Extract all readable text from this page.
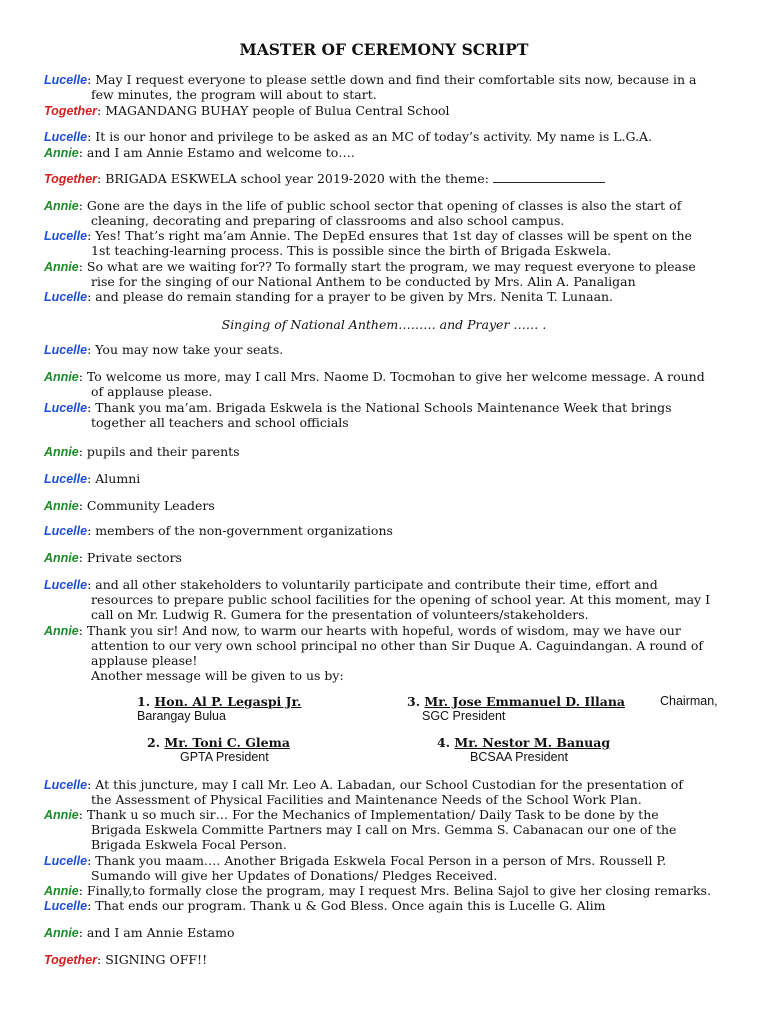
MASTER OF CEREMONY SCRIPT
Lucelle: May I request everyone to please settle down and find their comfortable sits now, because in a
few minutes, the program will about to start.
Together: MAGANDANG BUHAY people of Bulua Central School
Lucelle: It is our honor and privilege to be asked as an MC of today’s activity. My name is L.G.A.
Annie: and I am Annie Estamo and welcome to….
Together: BRIGADA ESKWELA school year 2019-2020 with the theme:
Annie: Gone are the days in the life of public school sector that opening of classes is also the start of
cleaning, decorating and preparing of classrooms and also school campus.
Lucelle: Yes! That’s right ma’am Annie. The DepEd ensures that 1st day of classes will be spent on the
1st teaching-learning process. This is possible since the birth of Brigada Eskwela.
Annie: So what are we waiting for?? To formally start the program, we may request everyone to please
rise for the singing of our National Anthem to be conducted by Mrs. Alin A. Panaligan
Lucelle: and please do remain standing for a prayer to be given by Mrs. Nenita T. Lunaan.
Singing of National Anthem……… and Prayer …… .
Lucelle: You may now take your seats.
Annie: To welcome us more, may I call Mrs. Naome D. Tocmohan to give her welcome message. A round
of applause please.
Lucelle: Thank you ma’am. Brigada Eskwela is the National Schools Maintenance Week that brings
together all teachers and school officials
Annie: pupils and their parents
Lucelle: Alumni
Annie: Community Leaders
Lucelle: members of the non-government organizations
Annie: Private sectors
Lucelle: and all other stakeholders to voluntarily participate and contribute their time, effort and
resources to prepare public school facilities for the opening of school year. At this moment, may I
call on Mr. Ludwig R. Gumera for the presentation of volunteers/stakeholders.
Annie: Thank you sir! And now, to warm our hearts with hopeful, words of wisdom, may we have our
attention to our very own school principal no other than Sir Duque A. Caguindangan. A round of
applause please!
Another message will be given to us by:
Lucelle: At this juncture, may I call Mr. Leo A. Labadan, our School Custodian for the presentation of
the Assessment of Physical Facilities and Maintenance Needs of the School Work Plan.
Annie: Thank u so much sir… For the Mechanics of Implementation/ Daily Task to be done by the
Brigada Eskwela Committe Partners may I call on Mrs. Gemma S. Cabanacan our one of the
Brigada Eskwela Focal Person.
Lucelle: Thank you maam…. Another Brigada Eskwela Focal Person in a person of Mrs. Roussell P.
Sumando will give her Updates of Donations/ Pledges Received.
Annie: Finally,to formally close the program, may I request Mrs. Belina Sajol to give her closing remarks.
Lucelle: That ends our program. Thank u & God Bless. Once again this is Lucelle G. Alim
Annie: and I am Annie Estamo
Together: SIGNING OFF!!
1. Hon. Al P. Legaspi Jr.
Barangay Bulua
3. Mr. Jose Emmanuel D. Illana	Chairman,
SGC President
2. Mr. Toni C. Glema
GPTA President
4. Mr. Nestor M. Banuag
BCSAA President
